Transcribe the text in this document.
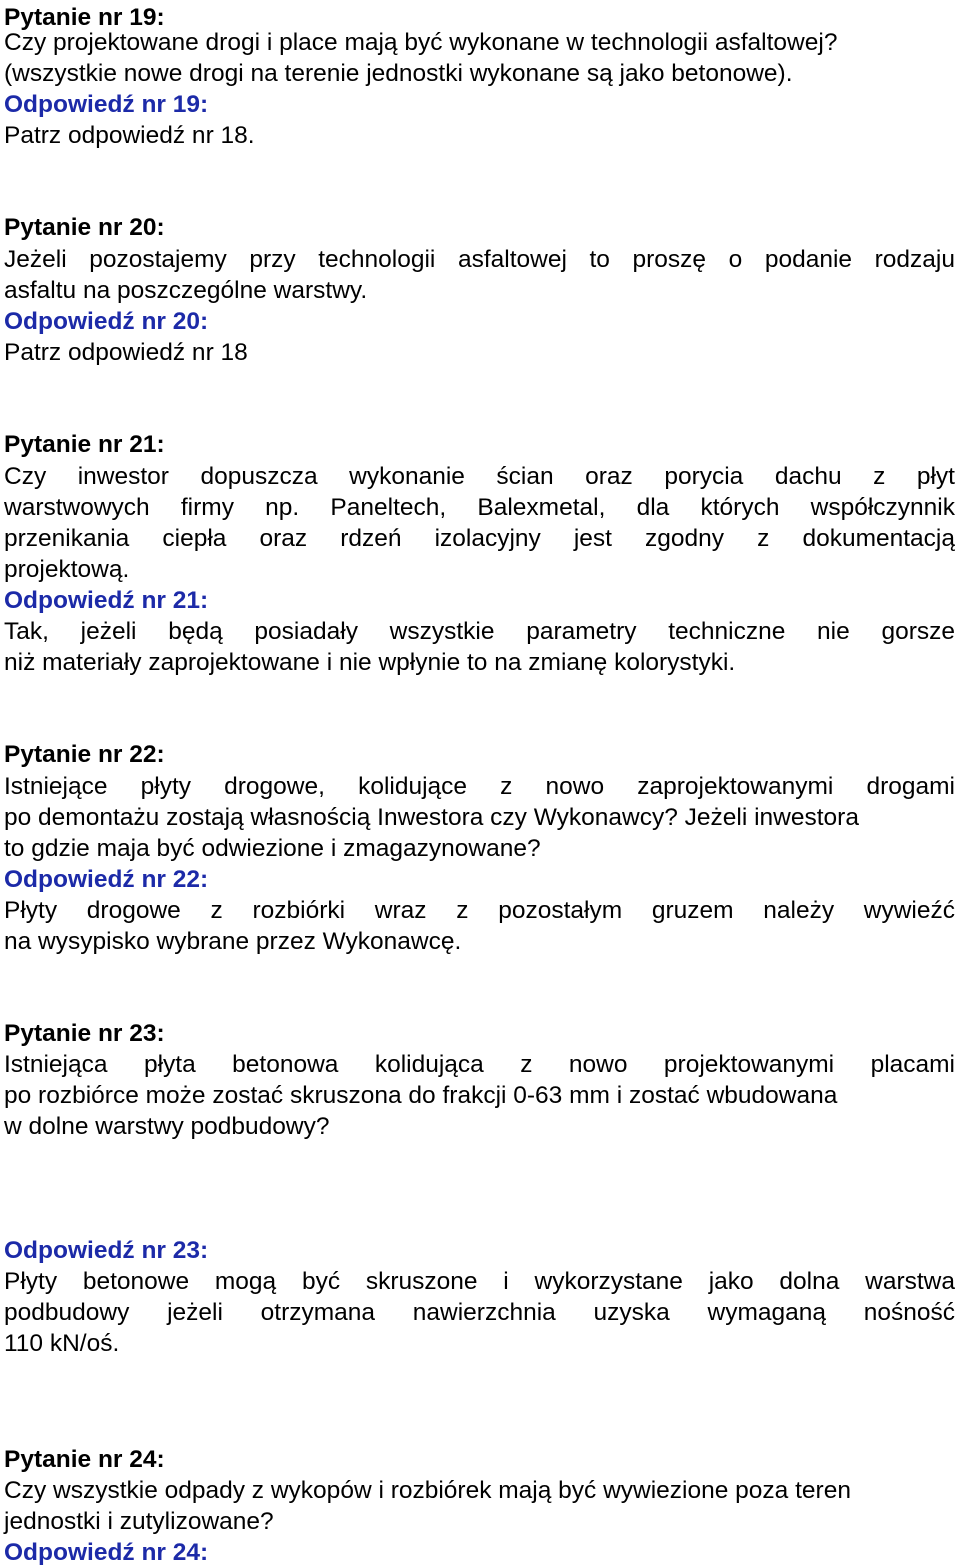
Pytanie nr 19:
Czy projektowane drogi i place mają być wykonane w technologii asfaltowej?
(wszystkie nowe drogi na terenie jednostki wykonane są jako betonowe).
Odpowiedź nr 19:
Patrz odpowiedź nr 18.
Pytanie nr 20:
Jeżeli pozostajemy przy technologii asfaltowej to proszę o podanie rodzaju
asfaltu na poszczególne warstwy.
Odpowiedź nr 20:
Patrz odpowiedź nr 18
Pytanie nr 21:
Czy inwestor dopuszcza wykonanie ścian oraz porycia dachu z płyt
warstwowych firmy np. Paneltech, Balexmetal, dla których współczynnik
przenikania ciepła oraz rdzeń izolacyjny jest zgodny z dokumentacją
projektową.
Odpowiedź nr 21:
Tak, jeżeli będą posiadały wszystkie parametry techniczne nie gorsze
niż materiały zaprojektowane i nie wpłynie to na zmianę kolorystyki.
Pytanie nr 22:
Istniejące płyty drogowe, kolidujące z nowo zaprojektowanymi drogami
po demontażu zostają własnością Inwestora czy Wykonawcy? Jeżeli inwestora
to gdzie maja być odwiezione i zmagazynowane?
Odpowiedź nr 22:
Płyty drogowe z rozbiórki wraz z pozostałym gruzem należy wywieźć
na wysypisko wybrane przez Wykonawcę.
Pytanie nr 23:
Istniejąca płyta betonowa kolidująca z nowo projektowanymi placami
po rozbiórce może zostać skruszona do frakcji 0-63 mm i zostać wbudowana
w dolne warstwy podbudowy?
Odpowiedź nr 23:
Płyty betonowe mogą być skruszone i wykorzystane jako dolna warstwa
podbudowy jeżeli otrzymana nawierzchnia uzyska wymaganą nośność
110 kN/oś.
Pytanie nr 24:
Czy wszystkie odpady z wykopów i rozbiórek mają być wywiezione poza teren
jednostki i zutylizowane?
Odpowiedź nr 24:
